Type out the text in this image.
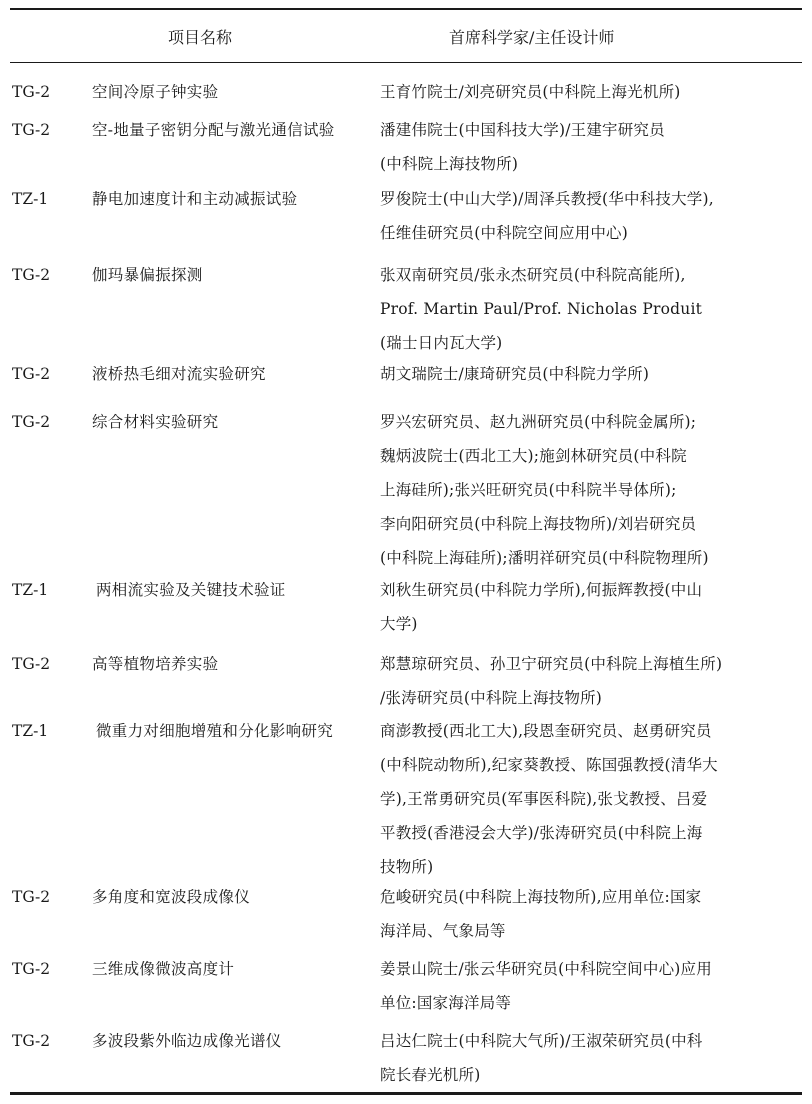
项目名称	首席科学家/主任设计师
TG-2	空间冷原子钟实验	王育竹院士/刘亮研究员(中科院上海光机所)
TG-2	空-地量子密钥分配与激光通信试验	潘建伟院士(中国科技大学)/王建宇研究员
(中科院上海技物所)
TZ-1	静电加速度计和主动减振试验	罗俊院士(中山大学)/周泽兵教授(华中科技大学),
任维佳研究员(中科院空间应用中心)
TG-2	伽玛暴偏振探测	张双南研究员/张永杰研究员(中科院高能所),
Prof. Martin Paul/Prof. Nicholas Produit
(瑞士日内瓦大学)
TG-2	液桥热毛细对流实验研究	胡文瑞院士/康琦研究员(中科院力学所)
TG-2	综合材料实验研究	罗兴宏研究员、赵九洲研究员(中科院金属所);
魏炳波院士(西北工大);施剑林研究员(中科院
上海硅所);张兴旺研究员(中科院半导体所);
李向阳研究员(中科院上海技物所)/刘岩研究员
(中科院上海硅所);潘明祥研究员(中科院物理所)
TZ-1	两相流实验及关键技术验证	刘秋生研究员(中科院力学所),何振辉教授(中山
大学)
TG-2	高等植物培养实验	郑慧琼研究员、孙卫宁研究员(中科院上海植生所)
/张涛研究员(中科院上海技物所)
TZ-1	微重力对细胞增殖和分化影响研究	商澎教授(西北工大),段恩奎研究员、赵勇研究员
(中科院动物所),纪家葵教授、陈国强教授(清华大
学),王常勇研究员(军事医科院),张戈教授、吕爱
平教授(香港浸会大学)/张涛研究员(中科院上海
技物所)
TG-2	多角度和宽波段成像仪	危峻研究员(中科院上海技物所),应用单位:国家
海洋局、气象局等
TG-2	三维成像微波高度计	姜景山院士/张云华研究员(中科院空间中心)应用
单位:国家海洋局等
TG-2	多波段紫外临边成像光谱仪	吕达仁院士(中科院大气所)/王淑荣研究员(中科
院长春光机所)
